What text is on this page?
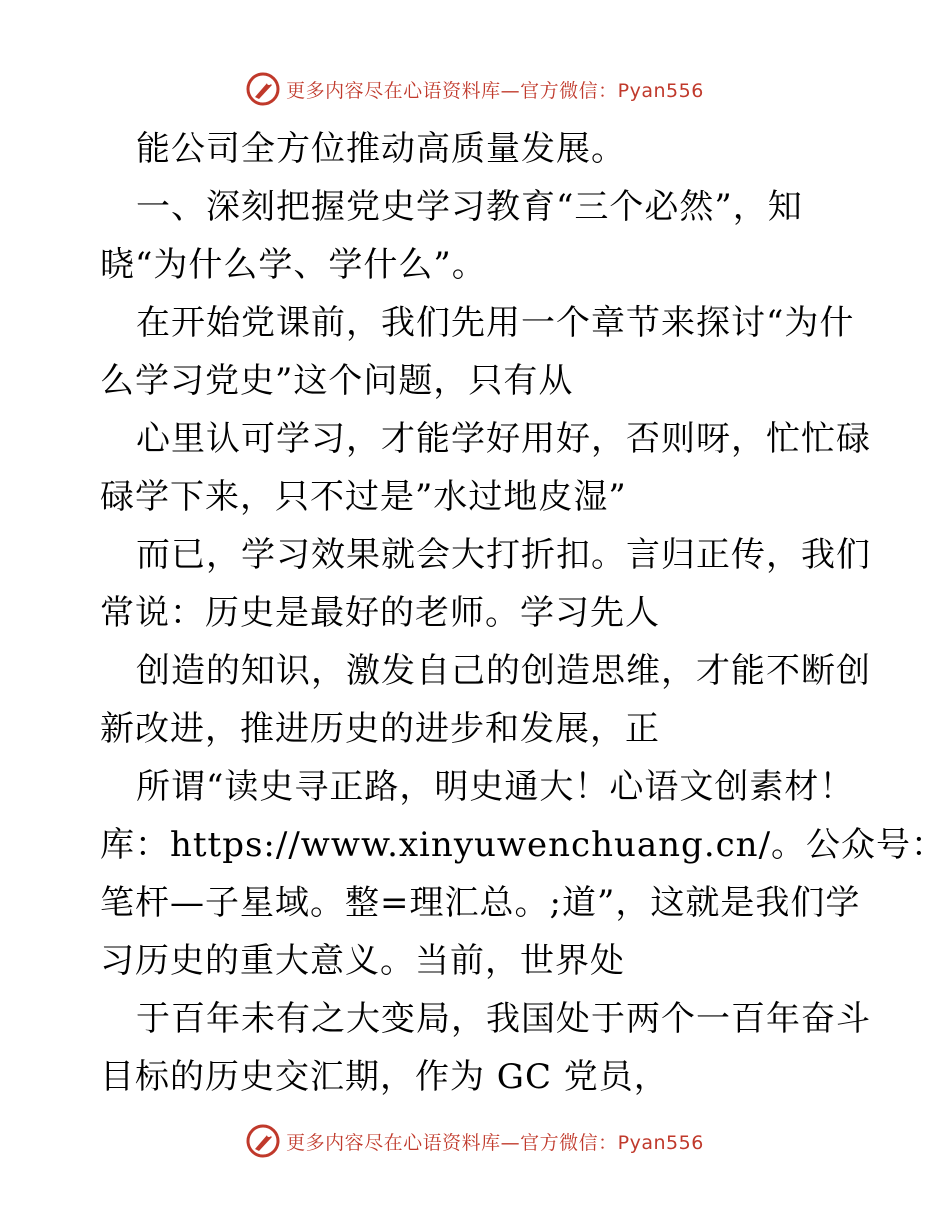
更多内容尽在心语资料库—官方微信：Pyan556
能公司全方位推动高质量发展。
一、深刻把握党史学习教育“三个必然”，知
晓“为什么学、学什么”。
在开始党课前，我们先用一个章节来探讨“为什
么学习党史”这个问题，只有从
心里认可学习，才能学好用好，否则呀，忙忙碌
碌学下来，只不过是”水过地皮湿”
而已，学习效果就会大打折扣。言归正传，我们
常说：历史是最好的老师。学习先人
创造的知识，激发自己的创造思维，才能不断创
新改进，推进历史的进步和发展，正
所谓“读史寻正路，明史通大！心语文创素材！
库：https://www.xinyuwenchuang.cn/。公众号：
笔杆—子星域。整=理汇总。;道”，这就是我们学
习历史的重大意义。当前，世界处
于百年未有之大变局，我国处于两个一百年奋斗
目标的历史交汇期，作为 GC 党员，
更多内容尽在心语资料库—官方微信：Pyan556
